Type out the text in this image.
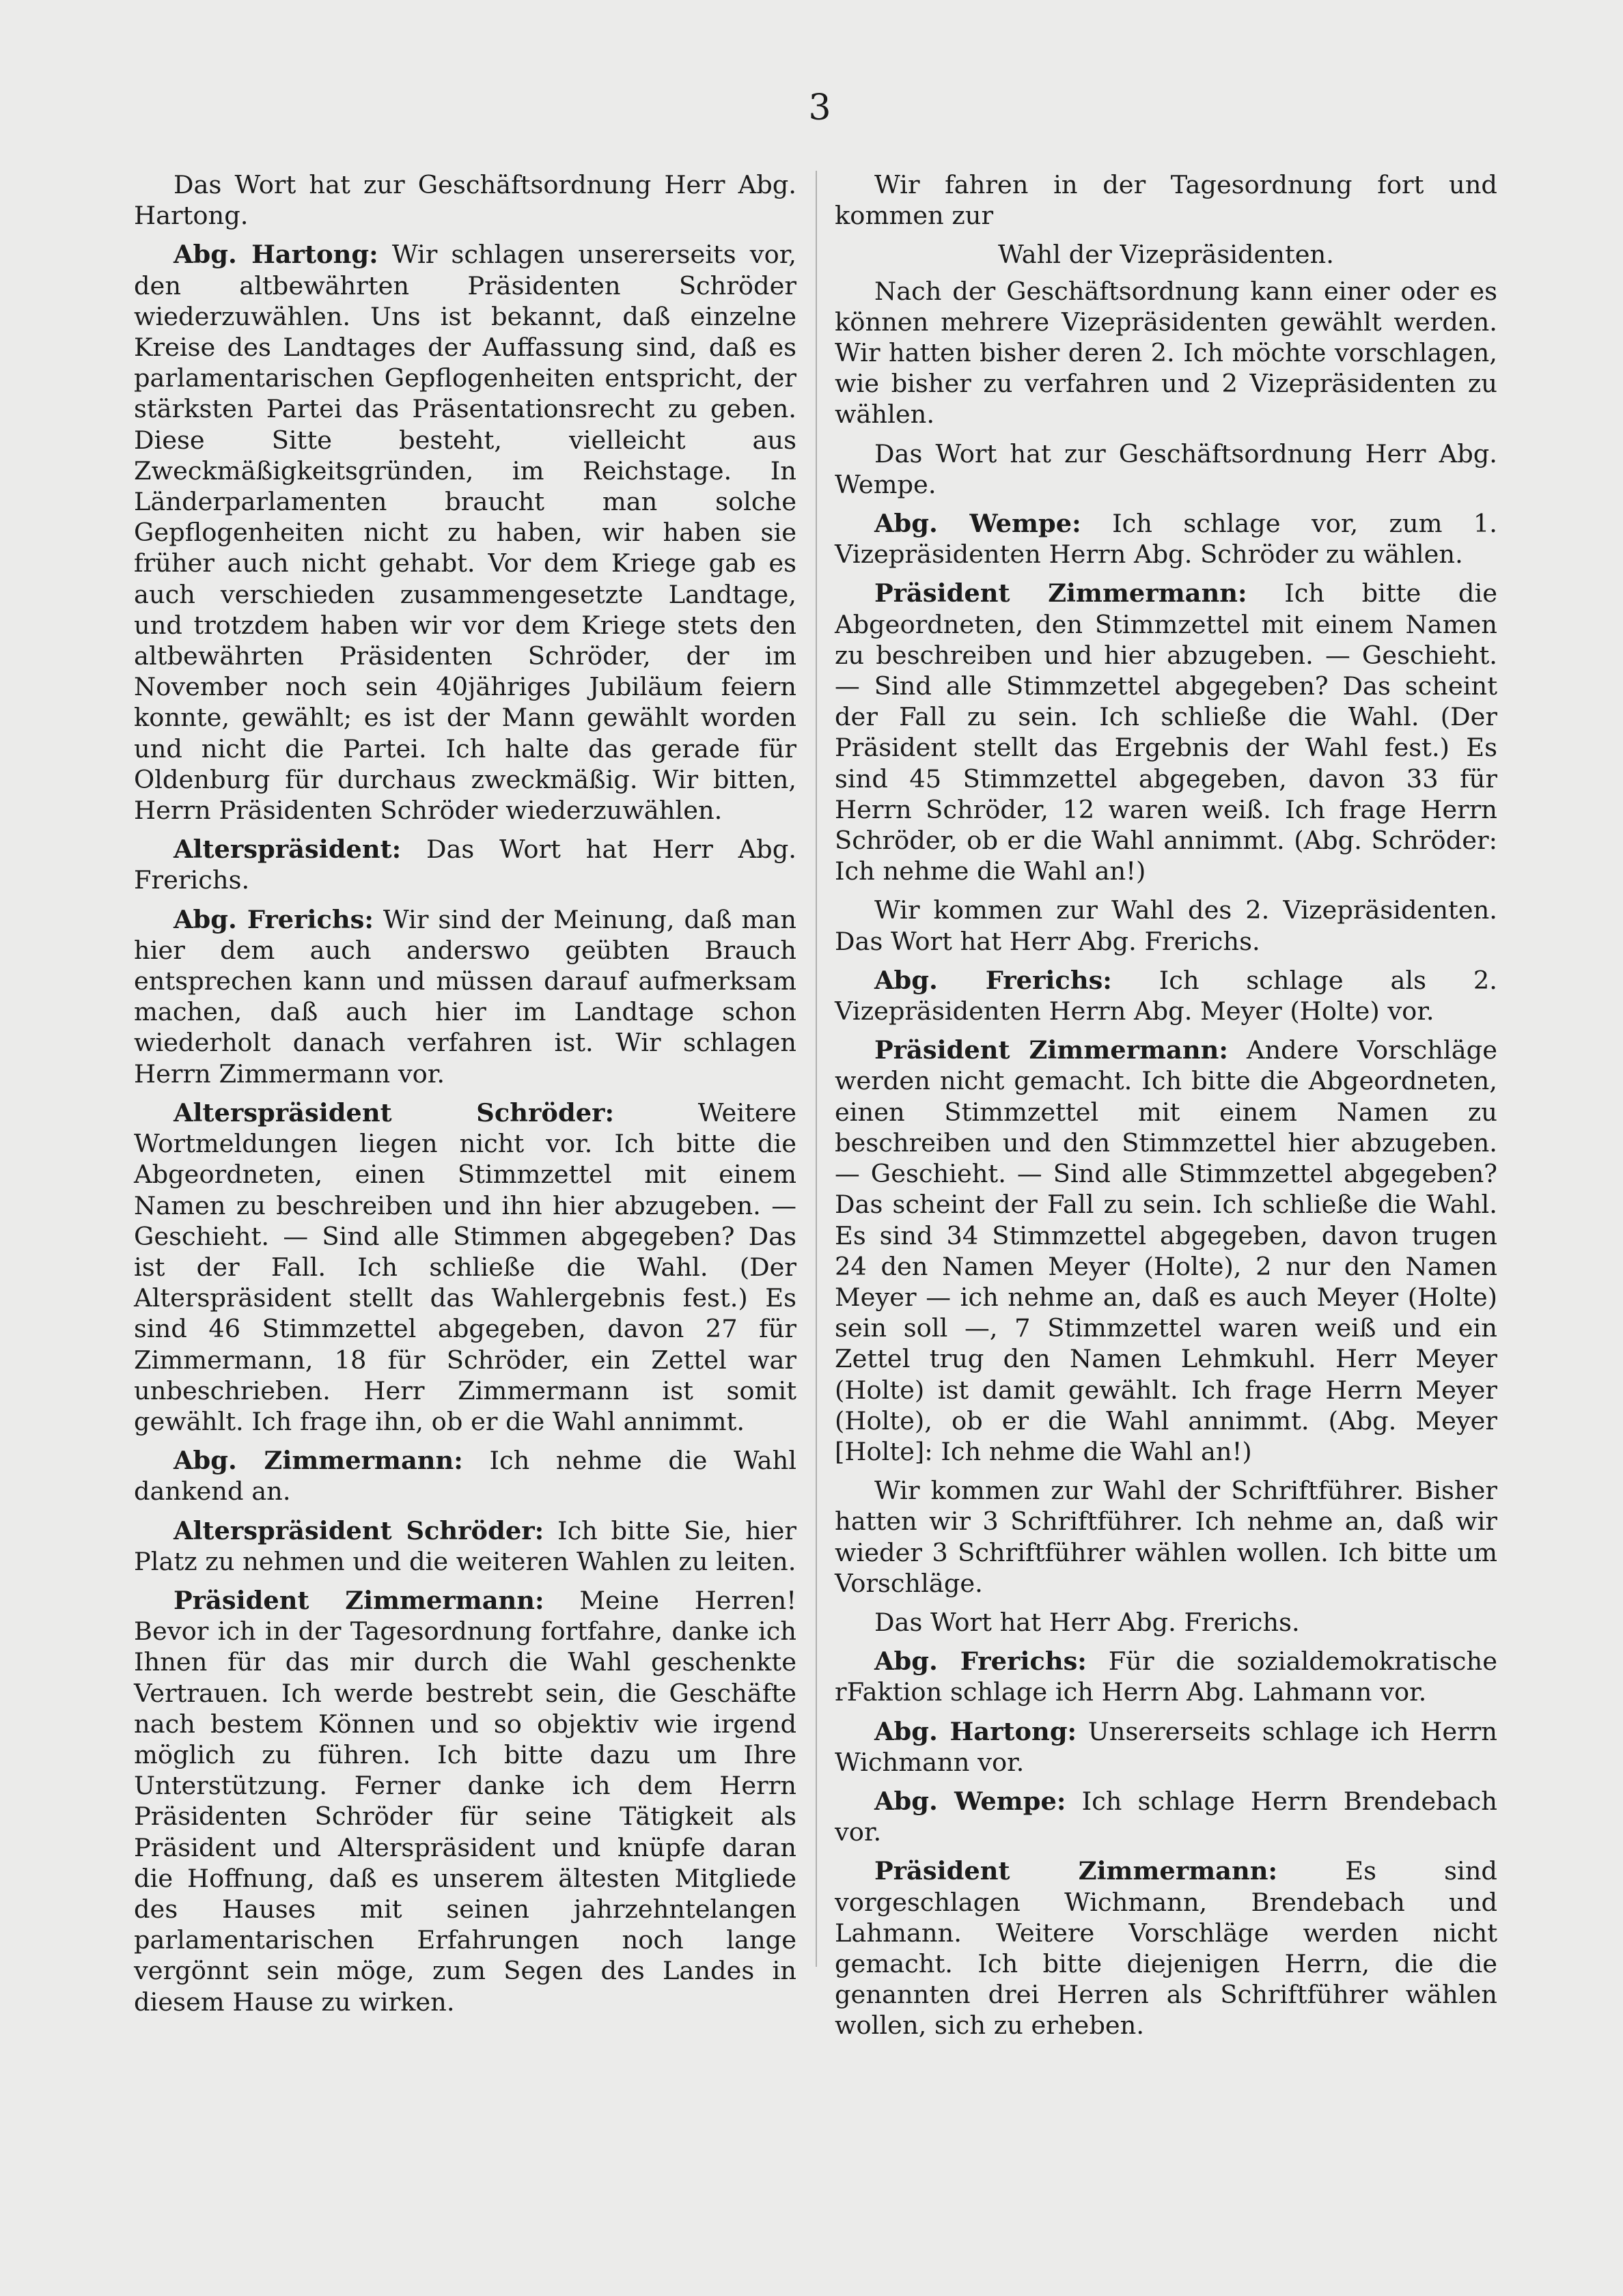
3

Das Wort hat zur Geschäftsordnung Herr Abg. Hartong.

Abg. Hartong: Wir schlagen unsererseits vor, den altbewährten Präsidenten Schröder wiederzuwählen. Uns ist bekannt, daß einzelne Kreise des Landtages der Auffassung sind, daß es parlamentarischen Gepflogenheiten entspricht, der stärksten Partei das Präsentationsrecht zu geben. Diese Sitte besteht, vielleicht aus Zweckmäßigkeitsgründen, im Reichstage. In Länderparlamenten braucht man solche Gepflogenheiten nicht zu haben, wir haben sie früher auch nicht gehabt. Vor dem Kriege gab es auch verschieden zusammengesetzte Landtage, und trotzdem haben wir vor dem Kriege stets den altbewährten Präsidenten Schröder, der im November noch sein 40jähriges Jubiläum feiern konnte, gewählt; es ist der Mann gewählt worden und nicht die Partei. Ich halte das gerade für Oldenburg für durchaus zweckmäßig. Wir bitten, Herrn Präsidenten Schröder wiederzuwählen.

Alterspräsident: Das Wort hat Herr Abg. Frerichs.

Abg. Frerichs: Wir sind der Meinung, daß man hier dem auch anderswo geübten Brauch entsprechen kann und müssen darauf aufmerksam machen, daß auch hier im Landtage schon wiederholt danach verfahren ist. Wir schlagen Herrn Zimmermann vor.

Alterspräsident Schröder:	Weitere Wortmeldungen liegen nicht vor. Ich bitte die Abgeordneten, einen Stimmzettel mit einem Namen zu beschreiben und ihn hier abzugeben. — Geschieht. — Sind alle Stimmen abgegeben? Das ist der Fall. Ich schließe die Wahl. (Der Alterspräsident stellt das Wahlergebnis fest.) Es sind 46 Stimmzettel abgegeben, davon 27 für Zimmermann, 18 für Schröder, ein Zettel war unbeschrieben. Herr Zimmermann ist somit gewählt. Ich frage ihn, ob er die Wahl annimmt.

Abg. Zimmermann: Ich nehme die Wahl dankend an.

Alterspräsident Schröder: Ich bitte Sie, hier Platz zu nehmen und die weiteren Wahlen zu leiten.

Präsident Zimmermann: Meine Herren! Bevor ich in der Tagesordnung fortfahre, danke ich Ihnen für das mir durch die Wahl geschenkte Vertrauen. Ich werde bestrebt sein, die Geschäfte nach bestem Können und so objektiv wie irgend möglich zu führen. Ich bitte dazu um Ihre Unterstützung. Ferner danke ich dem Herrn Präsidenten Schröder für seine Tätigkeit als Präsident und Alterspräsident und knüpfe daran die Hoffnung, daß es unserem ältesten Mitgliede des Hauses mit seinen jahrzehntelangen parlamentarischen Erfahrungen noch lange vergönnt sein möge, zum Segen des Landes in diesem Hause zu wirken.

Wir fahren in der Tagesordnung fort und kommen zur

Wahl der Vizepräsidenten.

Nach der Geschäftsordnung kann einer oder es können mehrere Vizepräsidenten gewählt werden. Wir hatten bisher deren 2. Ich möchte vorschlagen, wie bisher zu verfahren und 2 Vizepräsidenten zu wählen.

Das Wort hat zur Geschäftsordnung Herr Abg. Wempe.

Abg. Wempe: Ich schlage vor, zum 1. Vizepräsidenten Herrn Abg. Schröder zu wählen.

Präsident Zimmermann: Ich bitte die Abgeordneten, den Stimmzettel mit einem Namen zu beschreiben und hier abzugeben. — Geschieht. — Sind alle Stimmzettel abgegeben? Das scheint der Fall zu sein. Ich schließe die Wahl. (Der Präsident stellt das Ergebnis der Wahl fest.) Es sind 45 Stimmzettel abgegeben, davon 33 für Herrn Schröder, 12 waren weiß. Ich frage Herrn Schröder, ob er die Wahl annimmt. (Abg. Schröder: Ich nehme die Wahl an!)

Wir kommen zur Wahl des 2. Vizepräsidenten. Das Wort hat Herr Abg. Frerichs.

Abg. Frerichs: Ich schlage als 2. Vizepräsidenten Herrn Abg. Meyer (Holte) vor.

Präsident Zimmermann: Andere Vorschläge werden nicht gemacht. Ich bitte die Abgeordneten, einen Stimmzettel mit einem Namen zu beschreiben und den Stimmzettel hier abzugeben. — Geschieht. — Sind alle Stimmzettel abgegeben? Das scheint der Fall zu sein. Ich schließe die Wahl. Es sind 34 Stimmzettel abgegeben, davon trugen 24 den Namen Meyer (Holte), 2 nur den Namen Meyer — ich nehme an, daß es auch Meyer (Holte) sein soll —, 7 Stimmzettel waren weiß und ein Zettel trug den Namen Lehmkuhl. Herr Meyer (Holte) ist damit gewählt. Ich frage Herrn Meyer (Holte), ob er die Wahl annimmt. (Abg. Meyer [Holte]: Ich nehme die Wahl an!)

Wir kommen zur Wahl der Schriftführer. Bisher hatten wir 3 Schriftführer. Ich nehme an, daß wir wieder 3 Schriftführer wählen wollen. Ich bitte um Vorschläge.

Das Wort hat Herr Abg. Frerichs.

Abg. Frerichs: Für die sozialdemokratische rFaktion schlage ich Herrn Abg. Lahmann vor.

Abg. Hartong: Unsererseits schlage ich Herrn Wichmann vor.

Abg. Wempe: Ich schlage Herrn Brendebach vor.

Präsident Zimmermann:	Es sind vorgeschlagen Wichmann, Brendebach und Lahmann. Weitere Vorschläge werden nicht gemacht. Ich bitte diejenigen Herrn, die die genannten drei Herren als Schriftführer wählen wollen, sich zu erheben.
